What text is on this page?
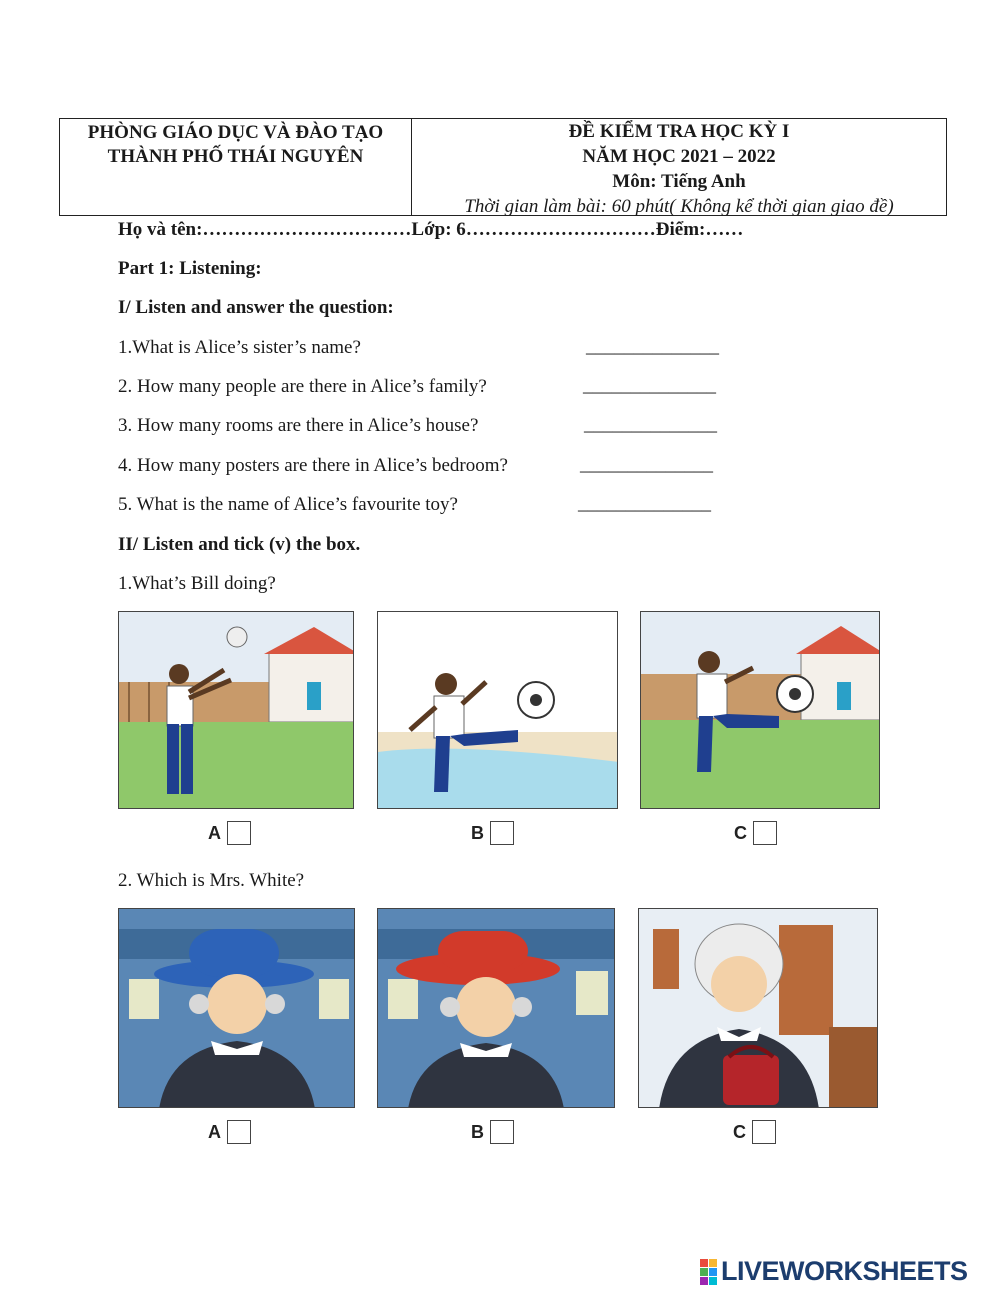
PHÒNG GIÁO DỤC VÀ ĐÀO TẠO
THÀNH PHỐ THÁI NGUYÊN
ĐỀ KIỂM TRA HỌC KỲ I
NĂM HỌC 2021 – 2022
Môn: Tiếng Anh
Thời gian làm bài: 60 phút( Không kể thời gian giao đề)
Họ và tên:……………………………Lớp: 6…………………………Điểm:……
Part 1: Listening:
I/ Listen and answer the question:
1.What is Alice’s sister’s name?	______________
2. How many people are there in Alice’s family?	______________
3. How many rooms are there in Alice’s house?	______________
4. How many posters are there in Alice’s bedroom?	______________
5. What is the name of Alice’s favourite toy?	______________
II/ Listen and tick (v) the box.
1.What’s Bill doing?
A	B	C
2. Which is Mrs. White?
A	B	C
LIVEWORKSHEETS
